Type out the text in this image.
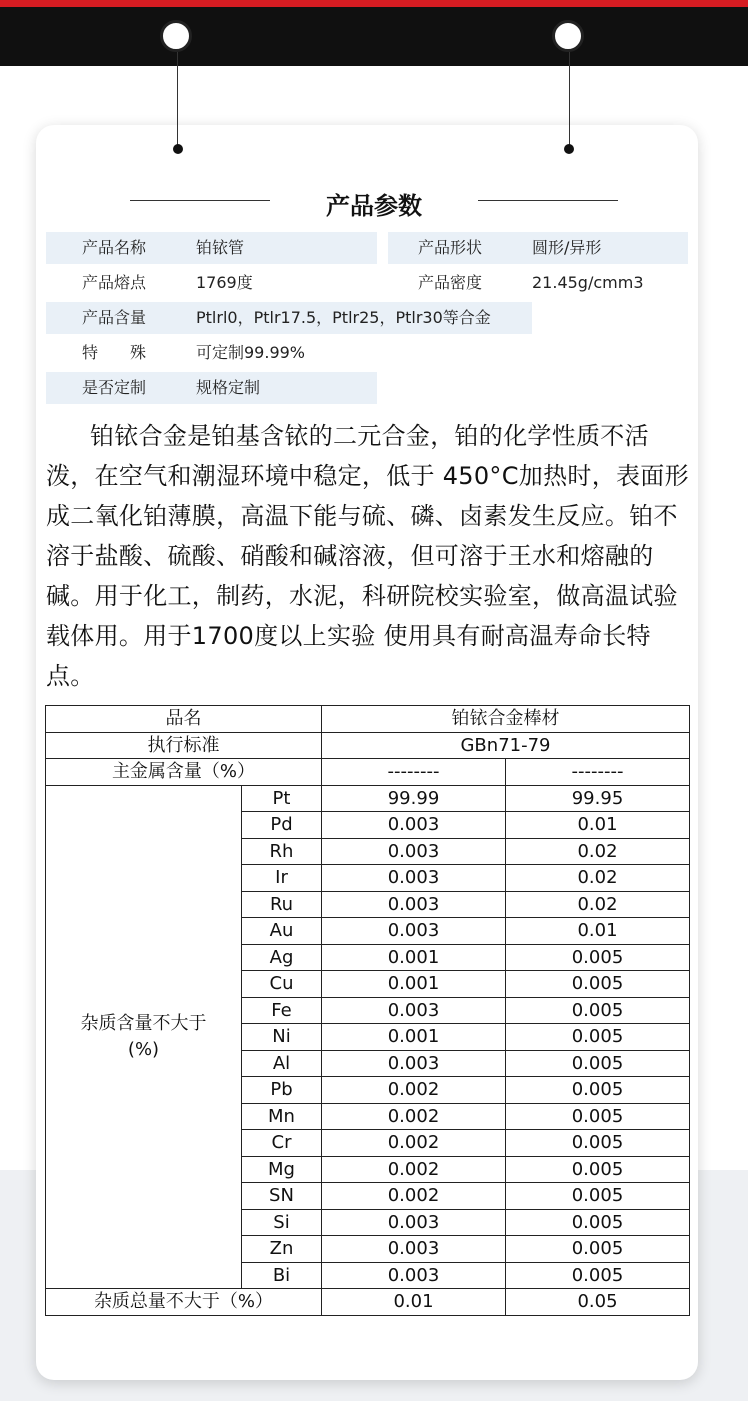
产品参数
产品名称	铂铱管	产品形状	圆形/异形
产品熔点	1769度	产品密度	21.45g/cmm3
产品含量	Ptlrl0，Ptlr17.5，Ptlr25，Ptlr30等合金
特　　殊	可定制99.99%
是否定制	规格定制
铂铱合金是铂基含铱的二元合金，铂的化学性质不活泼，在空气和潮湿环境中稳定，低于 450°C加热时，表面形成二氧化铂薄膜，高温下能与硫、磷、卤素发生反应。铂不溶于盐酸、硫酸、硝酸和碱溶液，但可溶于王水和熔融的碱。用于化工，制药，水泥，科研院校实验室，做高温试验载体用。用于1700度以上实验 使用具有耐高温寿命长特点。
品名		铂铱合金棒材	
执行标准		GBn71-79	
主金属含量（%）		--------	--------
杂质含量不大于
(%)	Pt	99.99	99.95
	Pd	0.003	0.01
	Rh	0.003	0.02
	Ir	0.003	0.02
	Ru	0.003	0.02
	Au	0.003	0.01
	Ag	0.001	0.005
	Cu	0.001	0.005
	Fe	0.003	0.005
	Ni	0.001	0.005
	Al	0.003	0.005
	Pb	0.002	0.005
	Mn	0.002	0.005
	Cr	0.002	0.005
	Mg	0.002	0.005
	SN	0.002	0.005
	Si	0.003	0.005
	Zn	0.003	0.005
	Bi	0.003	0.005
杂质总量不大于（%）		0.01	0.05
